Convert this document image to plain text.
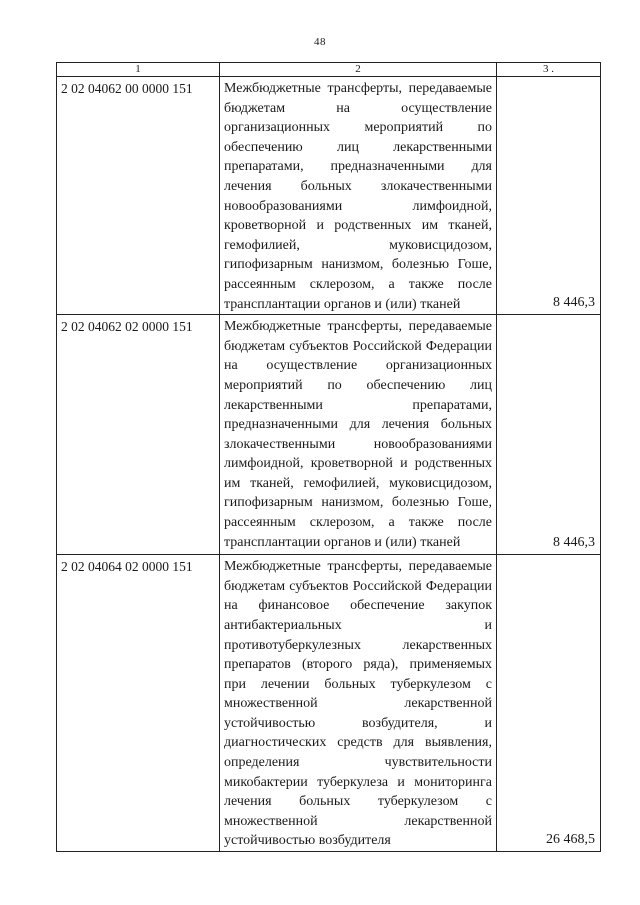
48
1	2	3 .
2 02 04062 00 0000 151	Межбюджетные трансферты, передаваемые бюджетам на осуществление организационных мероприятий по обеспечению лиц лекарственными препаратами, предназначенными для лечения больных злокачественными новообразованиями лимфоидной, кроветворной и родственных им тканей, гемофилией, муковисцидозом, гипофизарным нанизмом, болезнью Гоше, рассеянным склерозом, а также после трансплантации органов и (или) тканей	8 446,3
2 02 04062 02 0000 151	Межбюджетные трансферты, передаваемые бюджетам субъектов Российской Федерации на осуществление организационных мероприятий по обеспечению лиц лекарственными препаратами, предназначенными для лечения больных злокачественными новообразованиями лимфоидной, кроветворной и родственных им тканей, гемофилией, муковисцидозом, гипофизарным нанизмом, болезнью Гоше, рассеянным склерозом, а также после трансплантации органов и (или) тканей	8 446,3
2 02 04064 02 0000 151	Межбюджетные трансферты, передаваемые бюджетам субъектов Российской Федерации на финансовое обеспечение закупок антибактериальных и противотуберкулезных лекарственных препаратов (второго ряда), применяемых при лечении больных туберкулезом с множественной лекарственной устойчивостью возбудителя, и диагностических средств для выявления, определения чувствительности микобактерии туберкулеза и мониторинга лечения больных туберкулезом с множественной лекарственной устойчивостью возбудителя	26 468,5
